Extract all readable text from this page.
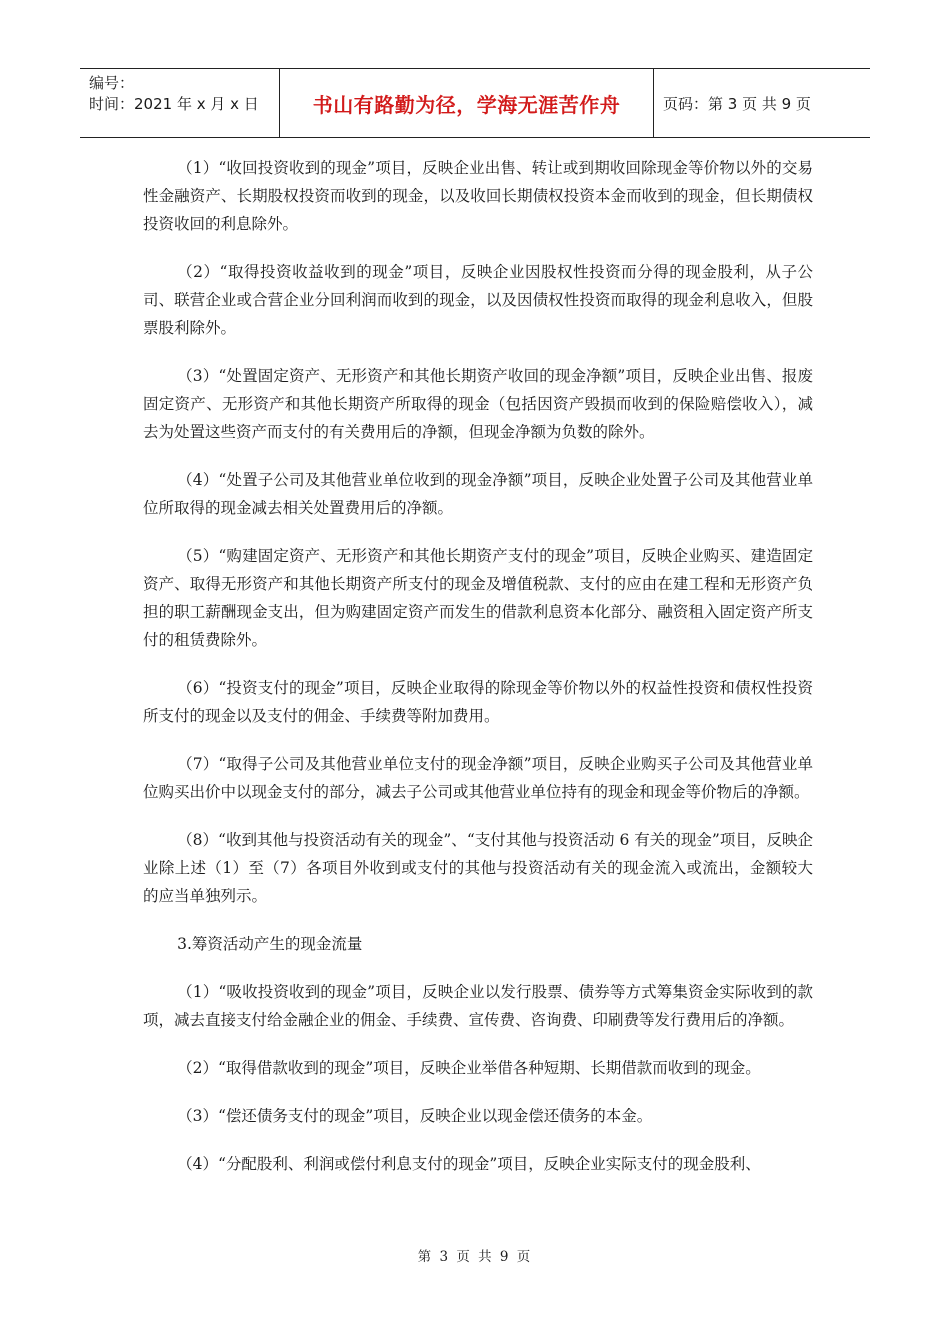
编号：
时间：2021 年 x 月 x 日	书山有路勤为径，学海无涯苦作舟	页码：第 3 页 共 9 页

（1）“收回投资收到的现金”项目，反映企业出售、转让或到期收回除现金等价物以外的交易性金融资产、长期股权投资而收到的现金，以及收回长期债权投资本金而收到的现金，但长期债权投资收回的利息除外。

（2）“取得投资收益收到的现金”项目，反映企业因股权性投资而分得的现金股利，从子公司、联营企业或合营企业分回利润而收到的现金，以及因债权性投资而取得的现金利息收入，但股票股利除外。

（3）“处置固定资产、无形资产和其他长期资产收回的现金净额”项目，反映企业出售、报废固定资产、无形资产和其他长期资产所取得的现金（包括因资产毁损而收到的保险赔偿收入），减去为处置这些资产而支付的有关费用后的净额，但现金净额为负数的除外。

（4）“处置子公司及其他营业单位收到的现金净额”项目，反映企业处置子公司及其他营业单位所取得的现金减去相关处置费用后的净额。

（5）“购建固定资产、无形资产和其他长期资产支付的现金”项目，反映企业购买、建造固定资产、取得无形资产和其他长期资产所支付的现金及增值税款、支付的应由在建工程和无形资产负担的职工薪酬现金支出，但为购建固定资产而发生的借款利息资本化部分、融资租入固定资产所支付的租赁费除外。

（6）“投资支付的现金”项目，反映企业取得的除现金等价物以外的权益性投资和债权性投资所支付的现金以及支付的佣金、手续费等附加费用。

（7）“取得子公司及其他营业单位支付的现金净额”项目，反映企业购买子公司及其他营业单位购买出价中以现金支付的部分，减去子公司或其他营业单位持有的现金和现金等价物后的净额。

（8）“收到其他与投资活动有关的现金”、“支付其他与投资活动 6 有关的现金”项目，反映企业除上述（1）至（7）各项目外收到或支付的其他与投资活动有关的现金流入或流出，金额较大的应当单独列示。

3.筹资活动产生的现金流量

（1）“吸收投资收到的现金”项目，反映企业以发行股票、债券等方式筹集资金实际收到的款项，减去直接支付给金融企业的佣金、手续费、宣传费、咨询费、印刷费等发行费用后的净额。

（2）“取得借款收到的现金”项目，反映企业举借各种短期、长期借款而收到的现金。

（3）“偿还债务支付的现金”项目，反映企业以现金偿还债务的本金。

（4）“分配股利、利润或偿付利息支付的现金”项目，反映企业实际支付的现金股利、

第 3 页 共 9 页
